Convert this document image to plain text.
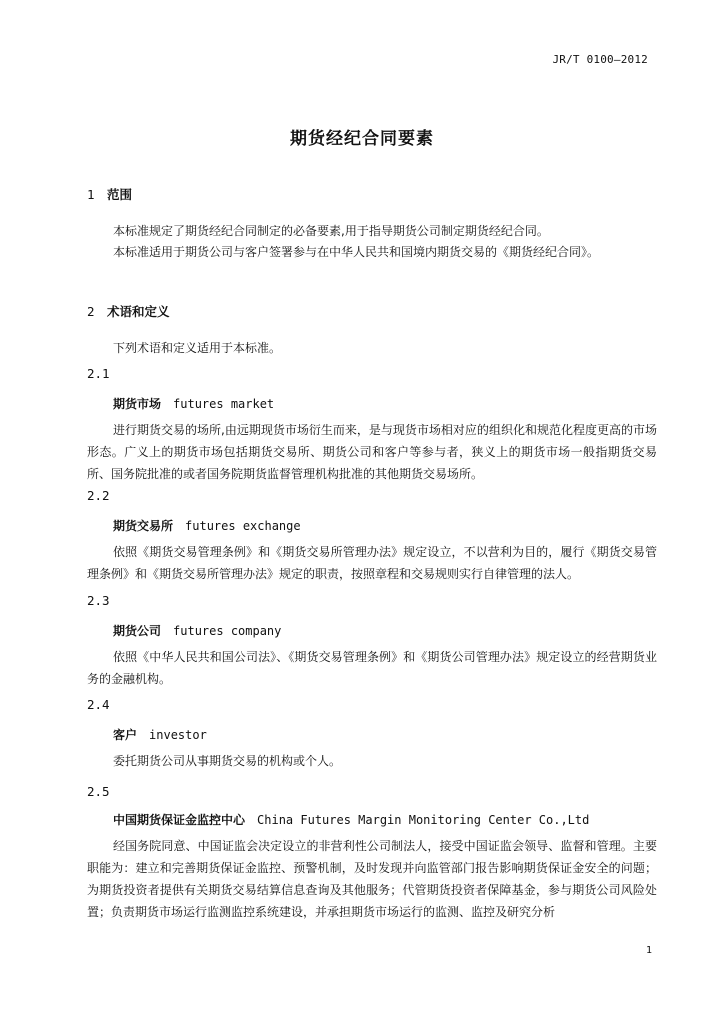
JR/T 0100—2012
期货经纪合同要素
1 范围
本标准规定了期货经纪合同制定的必备要素,用于指导期货公司制定期货经纪合同。
本标准适用于期货公司与客户签署参与在中华人民共和国境内期货交易的《期货经纪合同》。
2 术语和定义
下列术语和定义适用于本标准。
2.1
期货市场 futures market
进行期货交易的场所,由远期现货市场衍生而来，是与现货市场相对应的组织化和规范化程度更高的市场形态。广义上的期货市场包括期货交易所、期货公司和客户等参与者，狭义上的期货市场一般指期货交易所、国务院批准的或者国务院期货监督管理机构批准的其他期货交易场所。
2.2
期货交易所 futures exchange
依照《期货交易管理条例》和《期货交易所管理办法》规定设立，不以营利为目的，履行《期货交易管理条例》和《期货交易所管理办法》规定的职责，按照章程和交易规则实行自律管理的法人。
2.3
期货公司 futures company
依照《中华人民共和国公司法》、《期货交易管理条例》和《期货公司管理办法》规定设立的经营期货业务的金融机构。
2.4
客户 investor
委托期货公司从事期货交易的机构或个人。
2.5
中国期货保证金监控中心 China Futures Margin Monitoring Center Co.,Ltd
经国务院同意、中国证监会决定设立的非营利性公司制法人，接受中国证监会领导、监督和管理。主要职能为：建立和完善期货保证金监控、预警机制，及时发现并向监管部门报告影响期货保证金安全的问题；为期货投资者提供有关期货交易结算信息查询及其他服务；代管期货投资者保障基金，参与期货公司风险处置；负责期货市场运行监测监控系统建设，并承担期货市场运行的监测、监控及研究分析
1
